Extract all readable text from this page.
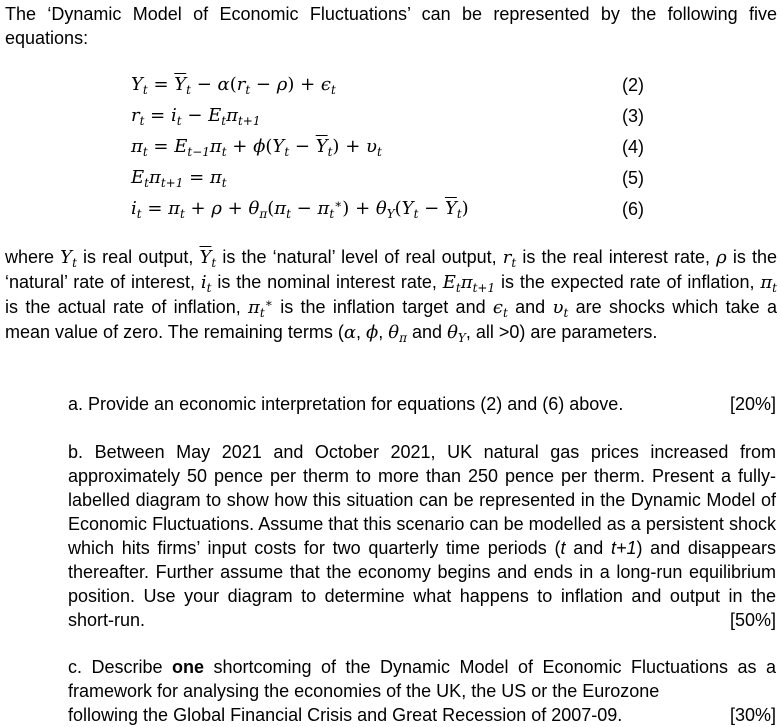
The ‘Dynamic Model of Economic Fluctuations’ can be represented by the following five equations:
$Y_t = \overline{Y}_t - \alpha(r_t - \rho) + \epsilon_t$	(2)
$r_t = i_t - E_t\pi_{t+1}$	(3)
$\pi_t = E_{t-1}\pi_t + \phi(Y_t - \overline{Y}_t) + \upsilon_t$	(4)
$E_t\pi_{t+1} = \pi_t$	(5)
$i_t = \pi_t + \rho + \theta_\pi(\pi_t - \pi_t^∗) + \theta_Y(Y_t - \overline{Y}_t)$	(6)
where $Y_t$ is real output, $\overline{Y}_t$ is the ‘natural’ level of real output, $r_t$ is the real interest rate, ρ is the ‘natural’ rate of interest, $i_t$ is the nominal interest rate, $E_t\pi_{t+1}$ is the expected rate of inflation, $\pi_t$ is the actual rate of inflation, $\pi_t^∗$ is the inflation target and $\epsilon_t$ and $\upsilon_t$ are shocks which take a mean value of zero. The remaining terms (α, ϕ, $\theta_\pi$ and $\theta_Y$, all >0) are parameters.
a. Provide an economic interpretation for equations (2) and (6) above.	[20%]
b. Between May 2021 and October 2021, UK natural gas prices increased from approximately 50 pence per therm to more than 250 pence per therm. Present a fully-labelled diagram to show how this situation can be represented in the Dynamic Model of Economic Fluctuations. Assume that this scenario can be modelled as a persistent shock which hits firms’ input costs for two quarterly time periods (t and t+1) and disappears thereafter. Further assume that the economy begins and ends in a long-run equilibrium position. Use your diagram to determine what happens to inflation and output in the short-run.	[50%]
c. Describe one shortcoming of the Dynamic Model of Economic Fluctuations as a framework for analysing the economies of the UK, the US or the Eurozone
following the Global Financial Crisis and Great Recession of 2007-09.	[30%]
